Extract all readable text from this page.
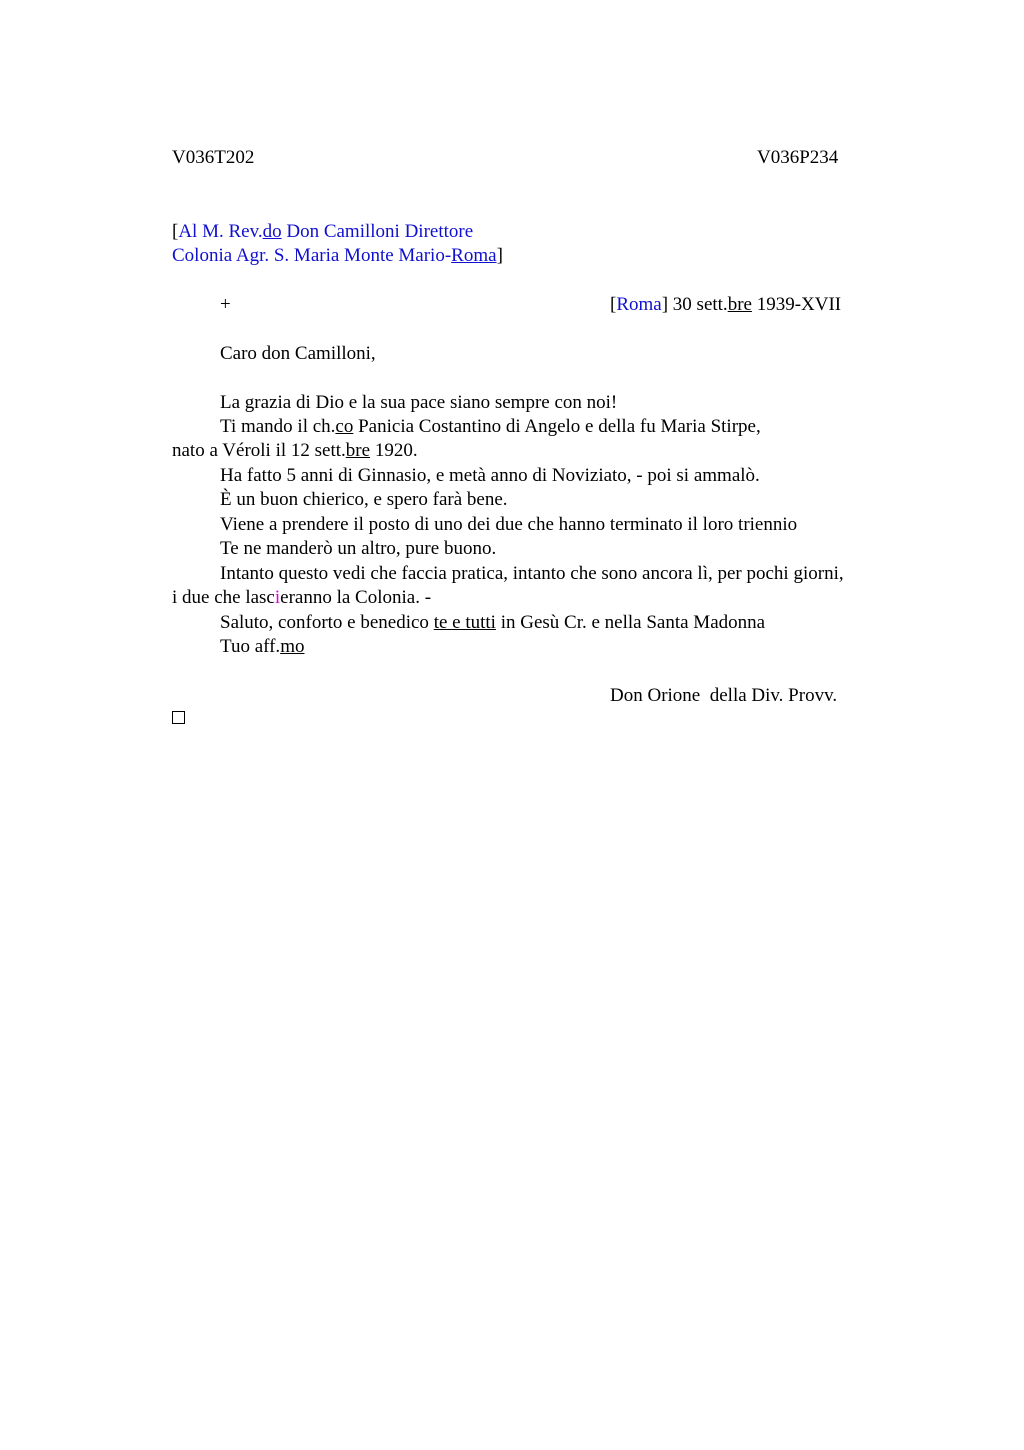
V036T202	V036P234
[Al M. Rev.do Don Camilloni Direttore
Colonia Agr. S. Maria Monte Mario-Roma]
+	[Roma] 30 sett.bre 1939-XVII
Caro don Camilloni,
La grazia di Dio e la sua pace siano sempre con noi!
Ti mando il ch.co Panicia Costantino di Angelo e della fu Maria Stirpe,
nato a Véroli il 12 sett.bre 1920.
Ha fatto 5 anni di Ginnasio, e metà anno di Noviziato, - poi si ammalò.
È un buon chierico, e spero farà bene.
Viene a prendere il posto di uno dei due che hanno terminato il loro triennio
Te ne manderò un altro, pure buono.
Intanto questo vedi che faccia pratica, intanto che sono ancora lì, per pochi giorni,
i due che lascieranno la Colonia. -
Saluto, conforto e benedico te e tutti in Gesù Cr. e nella Santa Madonna
Tuo aff.mo
Don Orione  della Div. Provv.
